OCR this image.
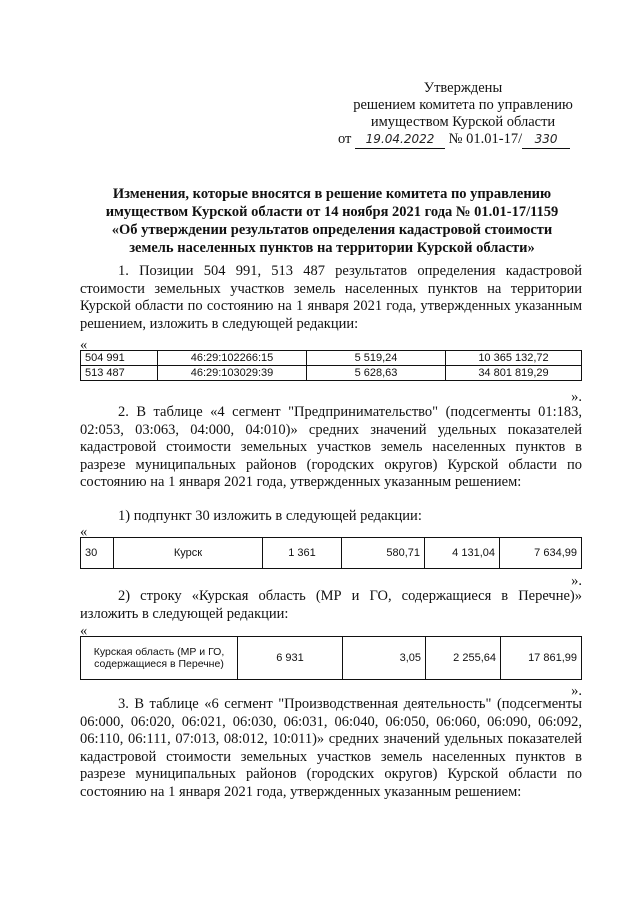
Утверждены
решением комитета по управлению
имуществом Курской области
от 19.04.2022 № 01.01-17/ 330
Изменения, которые вносятся в решение комитета по управлению
имуществом Курской области от 14 ноября 2021 года № 01.01-17/1159
«Об утверждении результатов определения кадастровой стоимости
земель населенных пунктов на территории Курской области»
1. Позиции 504 991, 513 487 результатов определения кадастровой стоимости земельных участков земель населенных пунктов на территории Курской области по состоянию на 1 января 2021 года, утвержденных указанным решением, изложить в следующей редакции:
«
504 991	46:29:102266:15	5 519,24	10 365 132,72
513 487	46:29:103029:39	5 628,63	34 801 819,29
».
2. В таблице «4 сегмент "Предпринимательство" (подсегменты 01:183, 02:053, 03:063, 04:000, 04:010)» средних значений удельных показателей кадастровой стоимости земельных участков земель населенных пунктов в разрезе муниципальных районов (городских округов) Курской области по состоянию на 1 января 2021 года, утвержденных указанным решением:
1) подпункт 30 изложить в следующей редакции:
«
30	Курск	1 361	580,71	4 131,04	7 634,99
».
2) строку «Курская область (МР и ГО, содержащиеся в Перечне)» изложить в следующей редакции:
«
Курская область (МР и ГО, содержащиеся в Перечне)	6 931	3,05	2 255,64	17 861,99
».
3. В таблице «6 сегмент "Производственная деятельность" (подсегменты 06:000, 06:020, 06:021, 06:030, 06:031, 06:040, 06:050, 06:060, 06:090, 06:092, 06:110, 06:111, 07:013, 08:012, 10:011)» средних значений удельных показателей кадастровой стоимости земельных участков земель населенных пунктов в разрезе муниципальных районов (городских округов) Курской области по состоянию на 1 января 2021 года, утвержденных указанным решением:
